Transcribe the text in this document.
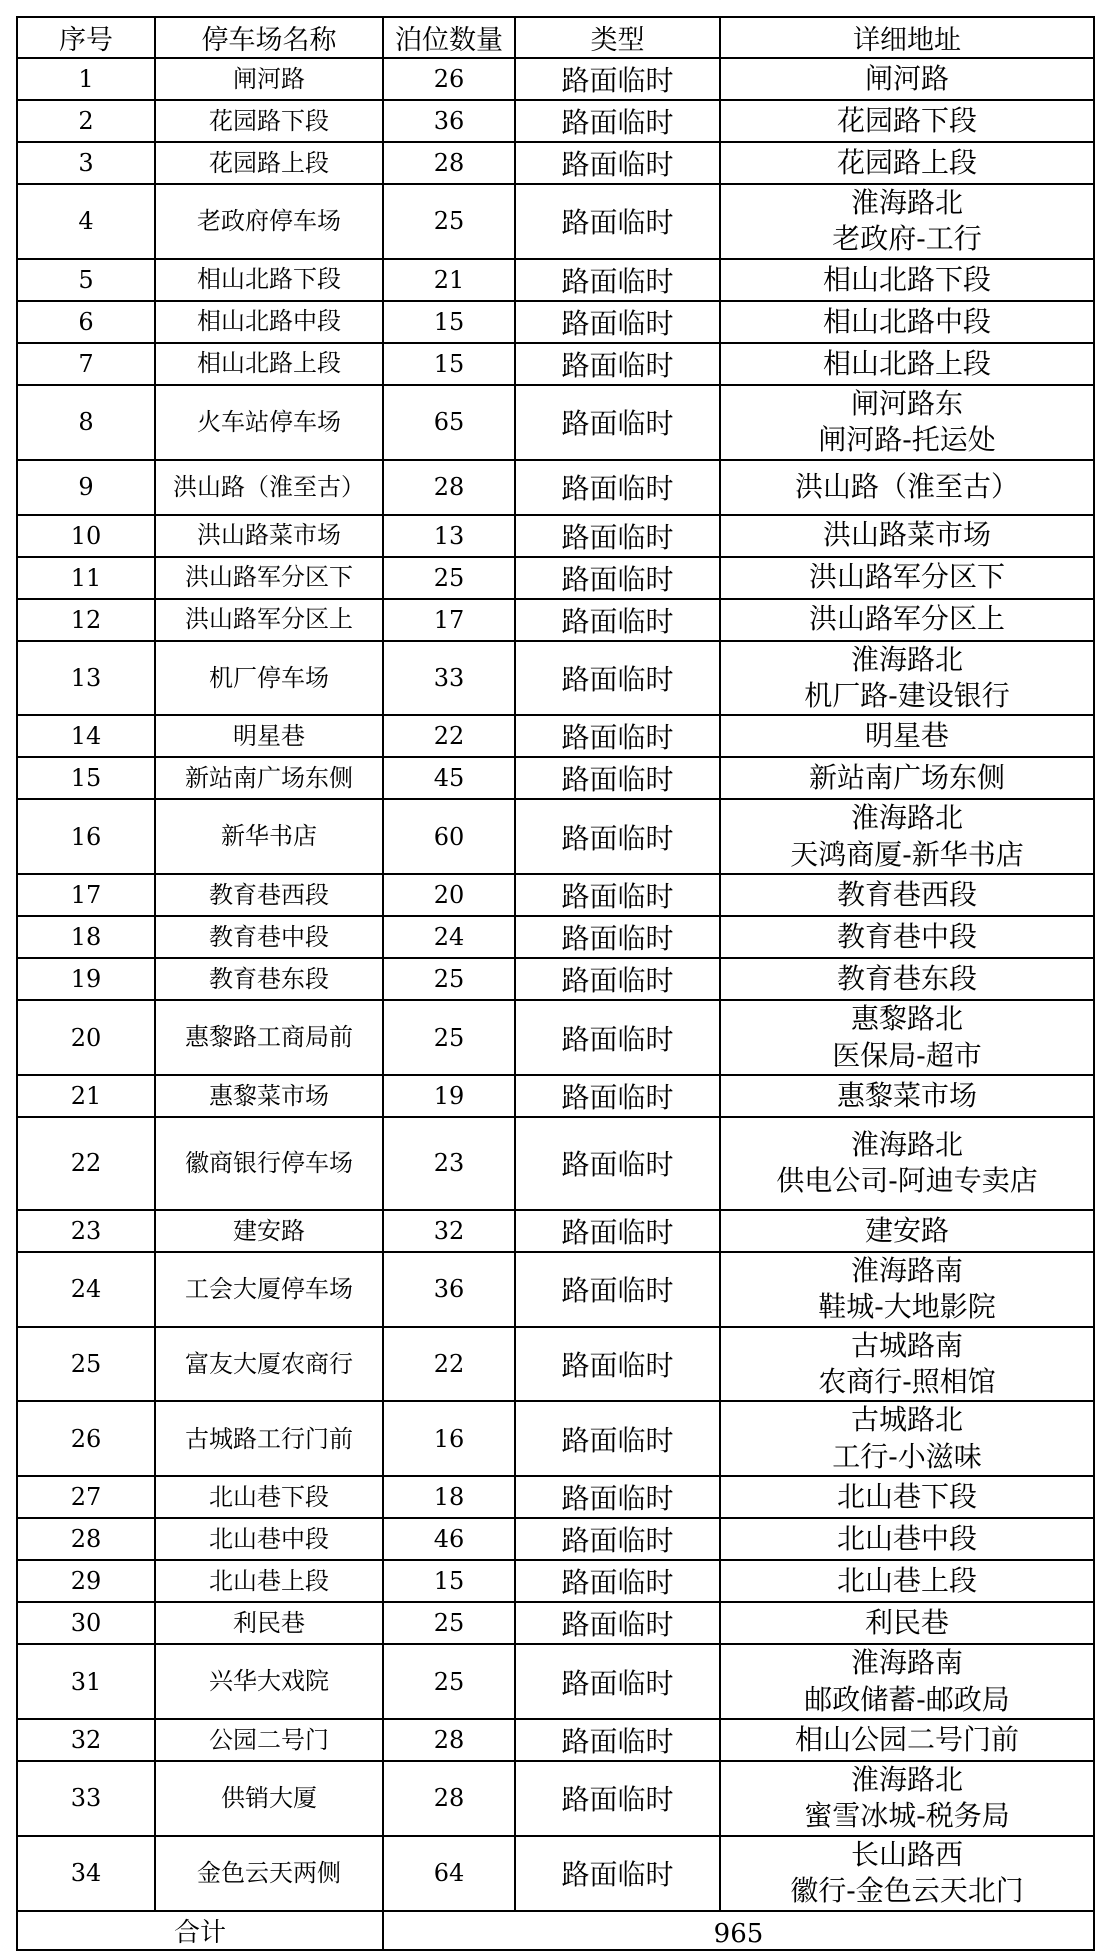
序号	停车场名称	泊位数量	类型	详细地址
1	闸河路	26	路面临时	闸河路

2	花园路下段	36	路面临时	花园路下段

3	花园路上段	28	路面临时	花园路上段

4	老政府停车场	25	路面临时	淮海路北
老政府-工行

5	相山北路下段	21	路面临时	相山北路下段

6	相山北路中段	15	路面临时	相山北路中段

7	相山北路上段	15	路面临时	相山北路上段

8	火车站停车场	65	路面临时	闸河路东
闸河路-托运处

9	洪山路（淮至古）	28	路面临时	洪山路（淮至古）

10	洪山路菜市场	13	路面临时	洪山路菜市场

11	洪山路军分区下	25	路面临时	洪山路军分区下

12	洪山路军分区上	17	路面临时	洪山路军分区上

13	机厂停车场	33	路面临时	淮海路北
机厂路-建设银行

14	明星巷	22	路面临时	明星巷

15	新站南广场东侧	45	路面临时	新站南广场东侧

16	新华书店	60	路面临时	淮海路北
天鸿商厦-新华书店

17	教育巷西段	20	路面临时	教育巷西段

18	教育巷中段	24	路面临时	教育巷中段

19	教育巷东段	25	路面临时	教育巷东段

20	惠黎路工商局前	25	路面临时	惠黎路北
医保局-超市

21	惠黎菜市场	19	路面临时	惠黎菜市场

22	徽商银行停车场	23	路面临时	淮海路北
供电公司-阿迪专卖店

23	建安路	32	路面临时	建安路

24	工会大厦停车场	36	路面临时	淮海路南
鞋城-大地影院

25	富友大厦农商行	22	路面临时	古城路南
农商行-照相馆

26	古城路工行门前	16	路面临时	古城路北
工行-小滋味

27	北山巷下段	18	路面临时	北山巷下段

28	北山巷中段	46	路面临时	北山巷中段

29	北山巷上段	15	路面临时	北山巷上段

30	利民巷	25	路面临时	利民巷

31	兴华大戏院	25	路面临时	淮海路南
邮政储蓄-邮政局

32	公园二号门	28	路面临时	相山公园二号门前

33	供销大厦	28	路面临时	淮海路北
蜜雪冰城-税务局

34	金色云天两侧	64	路面临时	长山路西
徽行-金色云天北门

合计		965		
